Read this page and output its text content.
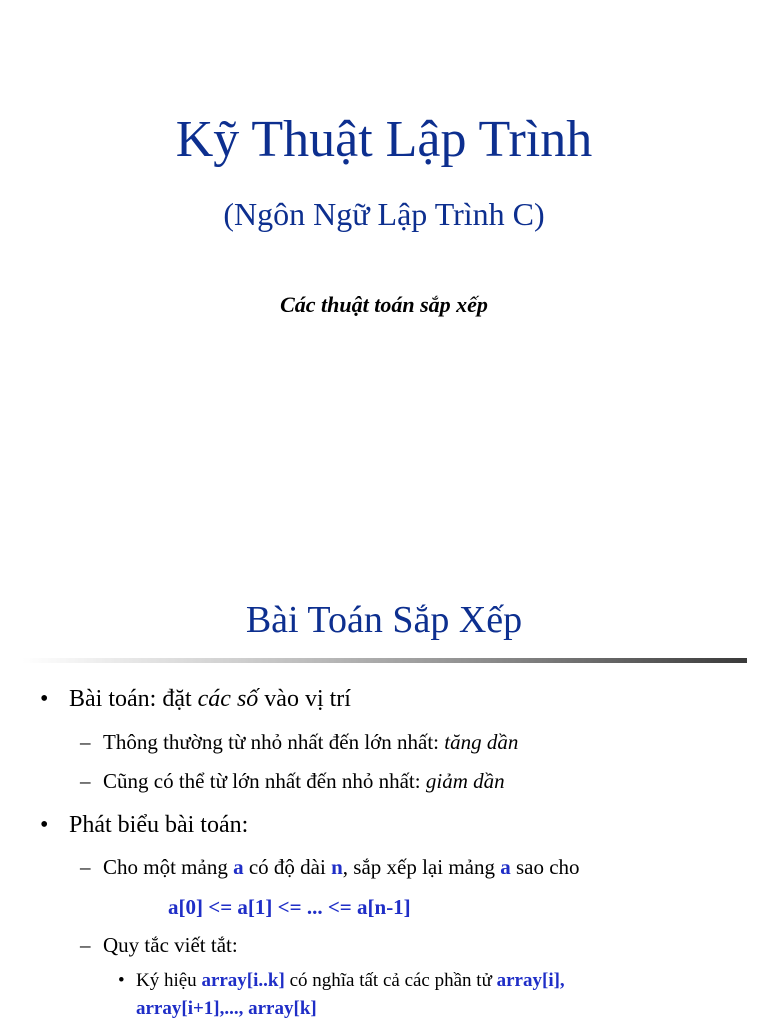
Kỹ Thuật Lập Trình
(Ngôn Ngữ Lập Trình C)
Các thuật toán sắp xếp
Bài Toán Sắp Xếp
• Bài toán: đặt các số vào vị trí
– Thông thường từ nhỏ nhất đến lớn nhất: tăng dần
– Cũng có thể từ lớn nhất đến nhỏ nhất: giảm dần
• Phát biểu bài toán:
– Cho một mảng a có độ dài n, sắp xếp lại mảng a sao cho
a[0] <= a[1] <= ... <= a[n-1]
– Quy tắc viết tắt:
• Ký hiệu array[i..k] có nghĩa tất cả các phần tử array[i],
array[i+1],..., array[k]
